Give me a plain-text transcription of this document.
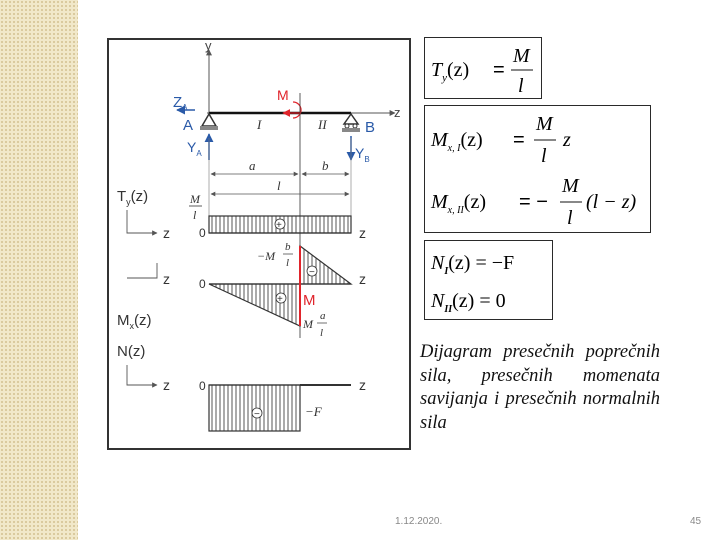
y
z
$Z_A$
A
$Y_A$	$Y_B$
B
M
I	II
a	b
l
$T_y(z)$
z
M
l
+
0	z
z 0	z
M
−
+
−M
b
l
M
a
l
$M_x(z)$
N(z)
z 0
−	−F
z
$T_y(z)$ =
M
l
$M_{x, I}(z)$ =
M
l
z
$M_{x, II}(z)$ = −
M
l
(l − z)
$N_I(z) = -F$
$N_{II}(z) = 0$
Dijagram presečnih poprečnih sila, presečnih momenata savijanja i presečnih normalnih sila
1.12.2020.	45
